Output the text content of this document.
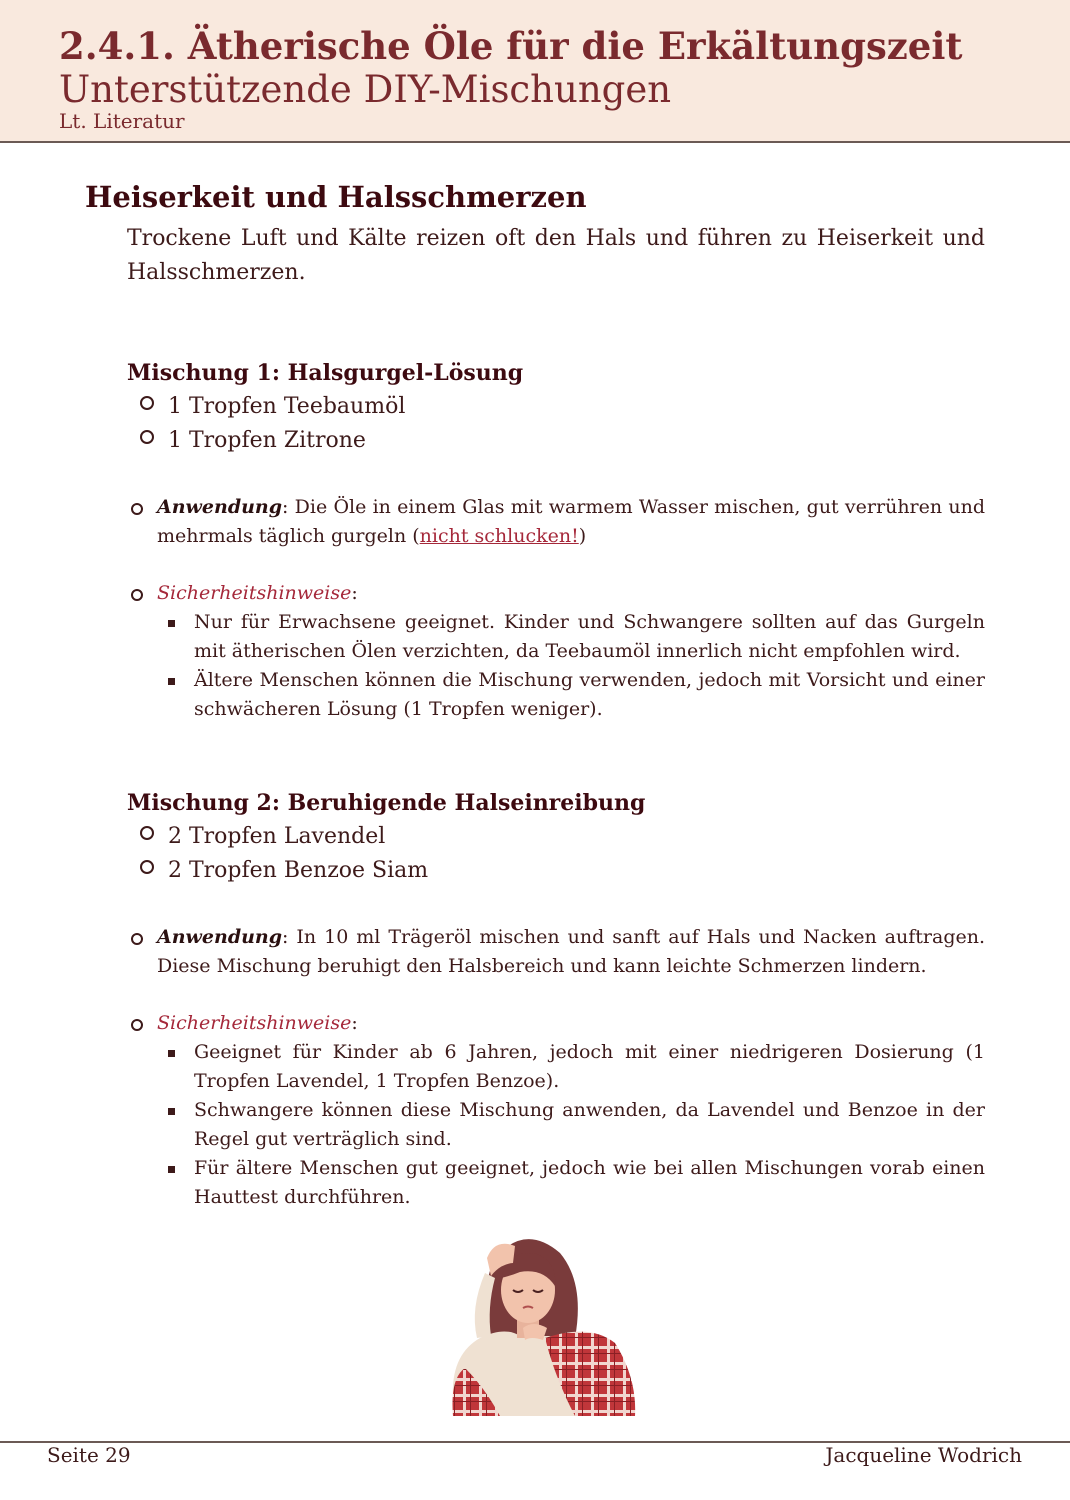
2.4.1. Ätherische Öle für die Erkältungszeit
Unterstützende DIY-Mischungen
Lt. Literatur
Heiserkeit und Halsschmerzen
Trockene Luft und Kälte reizen oft den Hals und führen zu Heiserkeit und Halsschmerzen.
Mischung 1: Halsgurgel-Lösung
1 Tropfen Teebaumöl
1 Tropfen Zitrone
Anwendung: Die Öle in einem Glas mit warmem Wasser mischen, gut verrühren und mehrmals täglich gurgeln (nicht schlucken!)
Sicherheitshinweise:
Nur für Erwachsene geeignet. Kinder und Schwangere sollten auf das Gurgeln mit ätherischen Ölen verzichten, da Teebaumöl innerlich nicht empfohlen wird.
Ältere Menschen können die Mischung verwenden, jedoch mit Vorsicht und einer schwächeren Lösung (1 Tropfen weniger).
Mischung 2: Beruhigende Halseinreibung
2 Tropfen Lavendel
2 Tropfen Benzoe Siam
Anwendung: In 10 ml Trägeröl mischen und sanft auf Hals und Nacken auftragen. Diese Mischung beruhigt den Halsbereich und kann leichte Schmerzen lindern.
Sicherheitshinweise:
Geeignet für Kinder ab 6 Jahren, jedoch mit einer niedrigeren Dosierung (1 Tropfen Lavendel, 1 Tropfen Benzoe).
Schwangere können diese Mischung anwenden, da Lavendel und Benzoe in der Regel gut verträglich sind.
Für ältere Menschen gut geeignet, jedoch wie bei allen Mischungen vorab einen Hauttest durchführen.
Seite 29	Jacqueline Wodrich
